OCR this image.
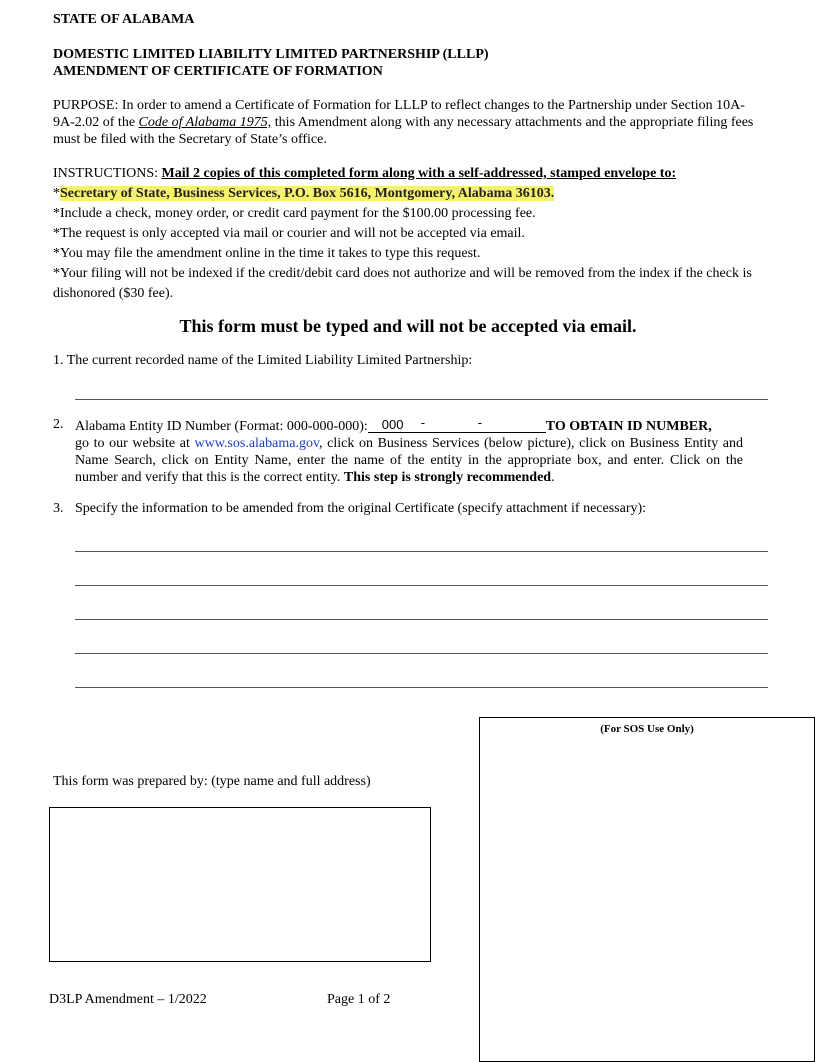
STATE OF ALABAMA
DOMESTIC LIMITED LIABILITY LIMITED PARTNERSHIP (LLLP)
AMENDMENT OF CERTIFICATE OF FORMATION
PURPOSE: In order to amend a Certificate of Formation for LLLP to reflect changes to the Partnership under Section 10A-9A-2.02 of the Code of Alabama 1975, this Amendment along with any necessary attachments and the appropriate filing fees must be filed with the Secretary of State’s office.
INSTRUCTIONS: Mail 2 copies of this completed form along with a self-addressed, stamped envelope to:
*Secretary of State, Business Services, P.O. Box 5616, Montgomery, Alabama 36103.
*Include a check, money order, or credit card payment for the $100.00 processing fee.
*The request is only accepted via mail or courier and will not be accepted via email.
*You may file the amendment online in the time it takes to type this request.
*Your filing will not be indexed if the credit/debit card does not authorize and will be removed from the index if the check is dishonored ($30 fee).
This form must be typed and will not be accepted via email.
1. The current recorded name of the Limited Liability Limited Partnership:
2. Alabama Entity ID Number (Format: 000-000-000): 000 -	-	TO OBTAIN ID NUMBER,
go to our website at www.sos.alabama.gov, click on Business Services (below picture), click on Business Entity and Name Search, click on Entity Name, enter the name of the entity in the appropriate box, and enter. Click on the number and verify that this is the correct entity. This step is strongly recommended.
3. Specify the information to be amended from the original Certificate (specify attachment if necessary):
(For SOS Use Only)
This form was prepared by: (type name and full address)
D3LP Amendment – 1/2022	Page 1 of 2
